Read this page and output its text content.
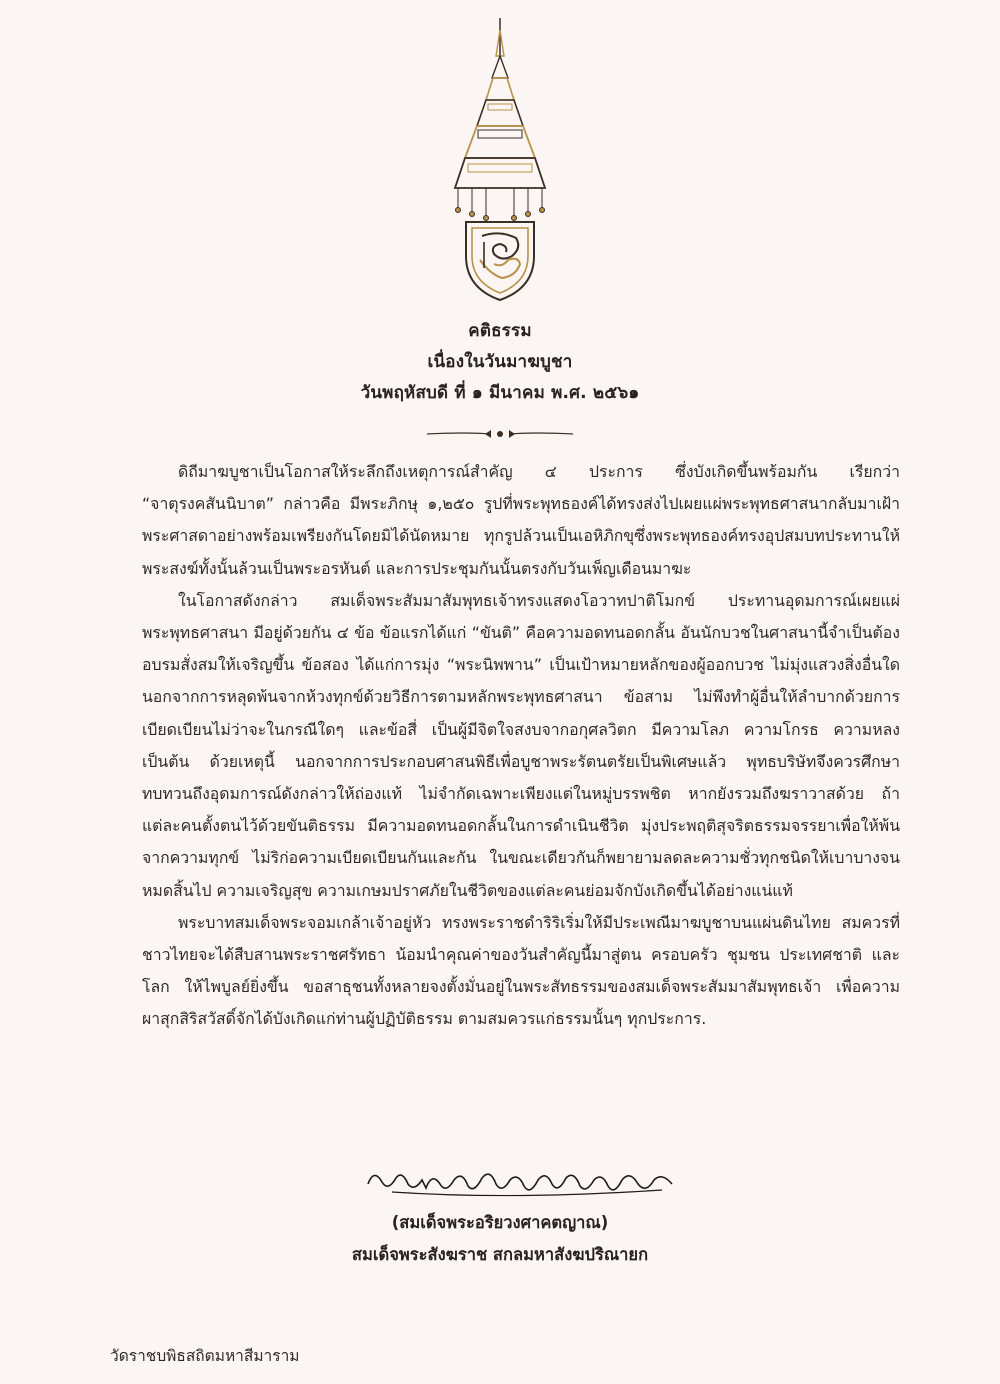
คติธรรม
เนื่องในวันมาฆบูชา
วันพฤหัสบดี ที่ ๑ มีนาคม พ.ศ. ๒๕๖๑

ดิถีมาฆบูชาเป็นโอกาสให้ระลึกถึงเหตุการณ์สำคัญ ๔ ประการ ซึ่งบังเกิดขึ้นพร้อมกัน เรียกว่า “จาตุรงคสันนิบาต” กล่าวคือ มีพระภิกษุ ๑,๒๕๐ รูปที่พระพุทธองค์ได้ทรงส่งไปเผยแผ่พระพุทธศาสนากลับมาเฝ้าพระศาสดาอย่างพร้อมเพรียงกันโดยมิได้นัดหมาย ทุกรูปล้วนเป็นเอหิภิกขุซึ่งพระพุทธองค์ทรงอุปสมบทประทานให้ พระสงฆ์ทั้งนั้นล้วนเป็นพระอรหันต์ และการประชุมกันนั้นตรงกับวันเพ็ญเดือนมาฆะ

ในโอกาสดังกล่าว สมเด็จพระสัมมาสัมพุทธเจ้าทรงแสดงโอวาทปาติโมกข์ ประทานอุดมการณ์เผยแผ่พระพุทธศาสนา มีอยู่ด้วยกัน ๔ ข้อ ข้อแรกได้แก่ “ขันติ” คือความอดทนอดกลั้น อันนักบวชในศาสนานี้จำเป็นต้องอบรมสั่งสมให้เจริญขึ้น ข้อสอง ได้แก่การมุ่ง “พระนิพพาน” เป็นเป้าหมายหลักของผู้ออกบวช ไม่มุ่งแสวงสิ่งอื่นใดนอกจากการหลุดพ้นจากห้วงทุกข์ด้วยวิธีการตามหลักพระพุทธศาสนา ข้อสาม ไม่พึงทำผู้อื่นให้ลำบากด้วยการเบียดเบียนไม่ว่าจะในกรณีใดๆ และข้อสี่ เป็นผู้มีจิตใจสงบจากอกุศลวิตก มีความโลภ ความโกรธ ความหลง เป็นต้น ด้วยเหตุนี้ นอกจากการประกอบศาสนพิธีเพื่อบูชาพระรัตนตรัยเป็นพิเศษแล้ว พุทธบริษัทจึงควรศึกษาทบทวนถึงอุดมการณ์ดังกล่าวให้ถ่องแท้ ไม่จำกัดเฉพาะเพียงแต่ในหมู่บรรพชิต หากยังรวมถึงฆราวาสด้วย ถ้าแต่ละคนตั้งตนไว้ด้วยขันติธรรม มีความอดทนอดกลั้นในการดำเนินชีวิต มุ่งประพฤติสุจริตธรรมจรรยาเพื่อให้พ้นจากความทุกข์ ไม่ริก่อความเบียดเบียนกันและกัน ในขณะเดียวกันก็พยายามลดละความชั่วทุกชนิดให้เบาบางจนหมดสิ้นไป ความเจริญสุข ความเกษมปราศภัยในชีวิตของแต่ละคนย่อมจักบังเกิดขึ้นได้อย่างแน่แท้

พระบาทสมเด็จพระจอมเกล้าเจ้าอยู่หัว ทรงพระราชดำริริเริ่มให้มีประเพณีมาฆบูชาบนแผ่นดินไทย สมควรที่ชาวไทยจะได้สืบสานพระราชศรัทธา น้อมนำคุณค่าของวันสำคัญนี้มาสู่ตน ครอบครัว ชุมชน ประเทศชาติ และโลก ให้ไพบูลย์ยิ่งขึ้น ขอสาธุชนทั้งหลายจงตั้งมั่นอยู่ในพระสัทธรรมของสมเด็จพระสัมมาสัมพุทธเจ้า เพื่อความผาสุกสิริสวัสดิ์จักได้บังเกิดแก่ท่านผู้ปฏิบัติธรรม ตามสมควรแก่ธรรมนั้นๆ ทุกประการ.

(สมเด็จพระอริยวงศาคตญาณ)
สมเด็จพระสังฆราช สกลมหาสังฆปริณายก
วัดราชบพิธสถิตมหาสีมาราม
